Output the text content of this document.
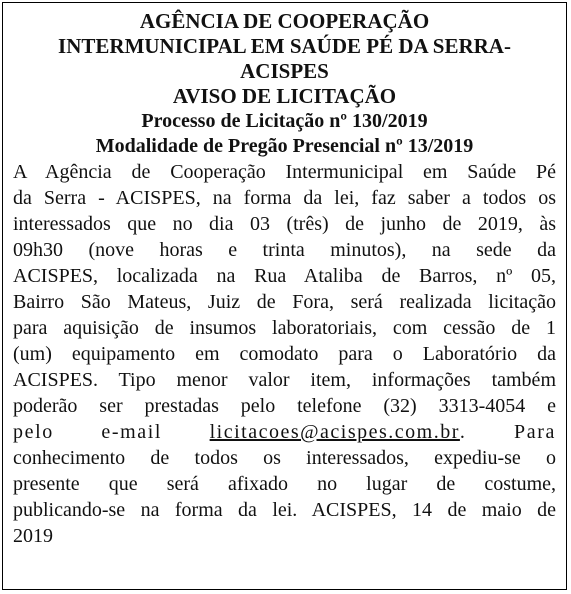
AGÊNCIA DE COOPERAÇÃO

INTERMUNICIPAL EM SAÚDE PÉ DA SERRA-

ACISPES

AVISO DE LICITAÇÃO

Processo de Licitação nº 130/2019

Modalidade de Pregão Presencial nº 13/2019

A Agência de Cooperação Intermunicipal em Saúde Pé
da Serra - ACISPES, na forma da lei, faz saber a todos os
interessados que no dia 03 (três) de junho de 2019, às
09h30 (nove horas e trinta minutos), na sede da
ACISPES, localizada na Rua Ataliba de Barros, nº 05,
Bairro São Mateus, Juiz de Fora, será realizada licitação
para aquisição de insumos laboratoriais, com cessão de 1
(um) equipamento em comodato para o Laboratório da
ACISPES. Tipo menor valor item, informações também
poderão ser prestadas pelo telefone (32) 3313-4054 e
pelo e-mail licitacoes@acispes.com.br. Para
conhecimento de todos os interessados, expediu-se o
presente que será afixado no lugar de costume,
publicando-se na forma da lei. ACISPES, 14 de maio de
2019
